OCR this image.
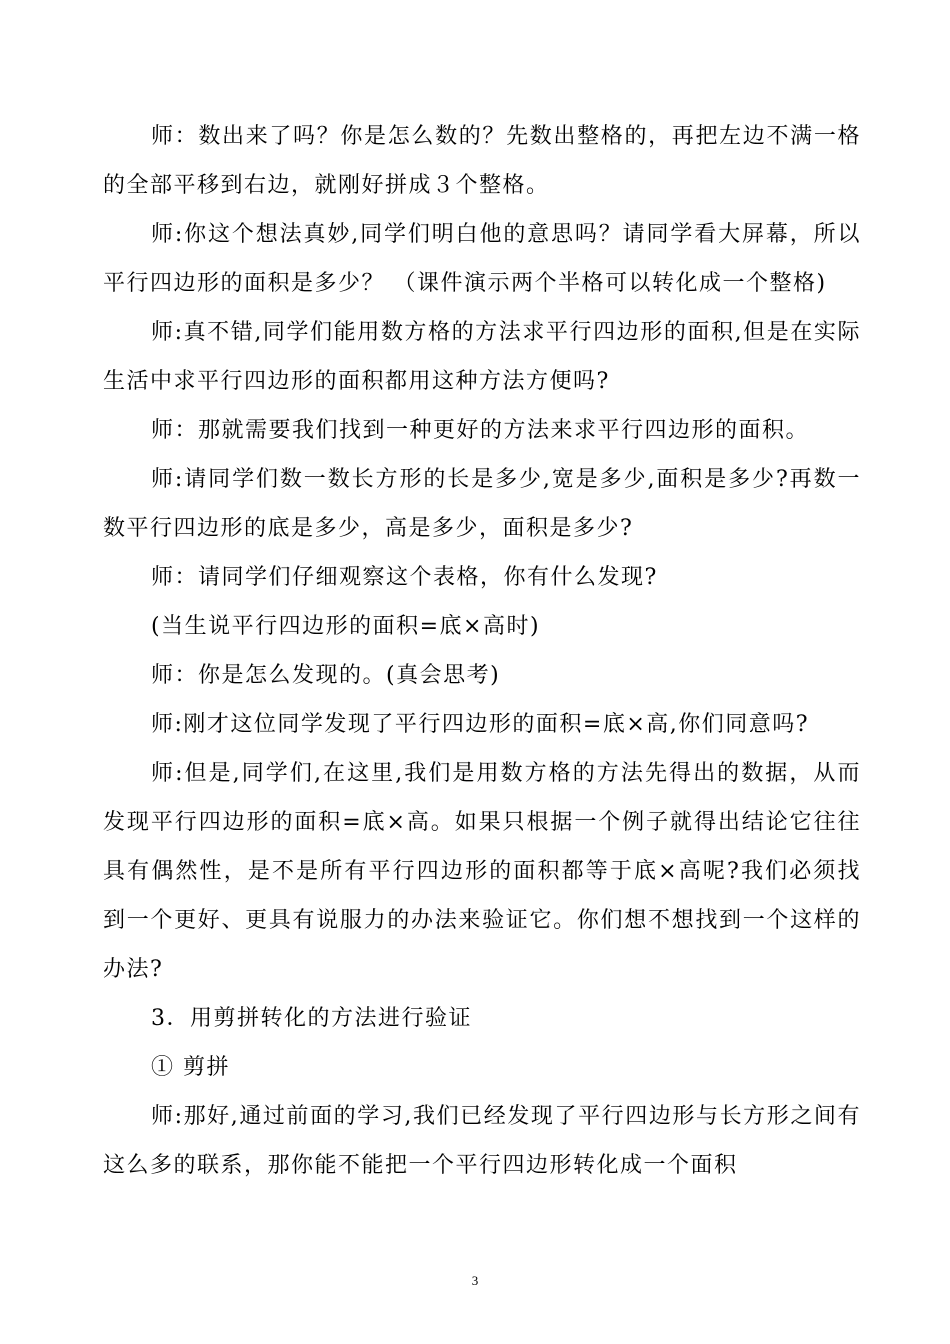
师：数出来了吗？你是怎么数的？先数出整格的，再把左边不满一格的全部平移到右边，就刚好拼成３个整格。

师:你这个想法真妙,同学们明白他的意思吗？请同学看大屏幕，所以平行四边形的面积是多少？ （课件演示两个半格可以转化成一个整格)

师:真不错,同学们能用数方格的方法求平行四边形的面积,但是在实际生活中求平行四边形的面积都用这种方法方便吗?

师：那就需要我们找到一种更好的方法来求平行四边形的面积。

师:请同学们数一数长方形的长是多少,宽是多少,面积是多少?再数一数平行四边形的底是多少，高是多少，面积是多少?

师：请同学们仔细观察这个表格，你有什么发现?

(当生说平行四边形的面积=底×高时)

师：你是怎么发现的。(真会思考)

师:刚才这位同学发现了平行四边形的面积=底×高,你们同意吗?

师:但是,同学们,在这里,我们是用数方格的方法先得出的数据，从而发现平行四边形的面积=底×高。如果只根据一个例子就得出结论它往往具有偶然性，是不是所有平行四边形的面积都等于底×高呢?我们必须找到一个更好、更具有说服力的办法来验证它。你们想不想找到一个这样的办法?

3．用剪拼转化的方法进行验证

① 剪拼

师:那好,通过前面的学习,我们已经发现了平行四边形与长方形之间有这么多的联系，那你能不能把一个平行四边形转化成一个面积

3
